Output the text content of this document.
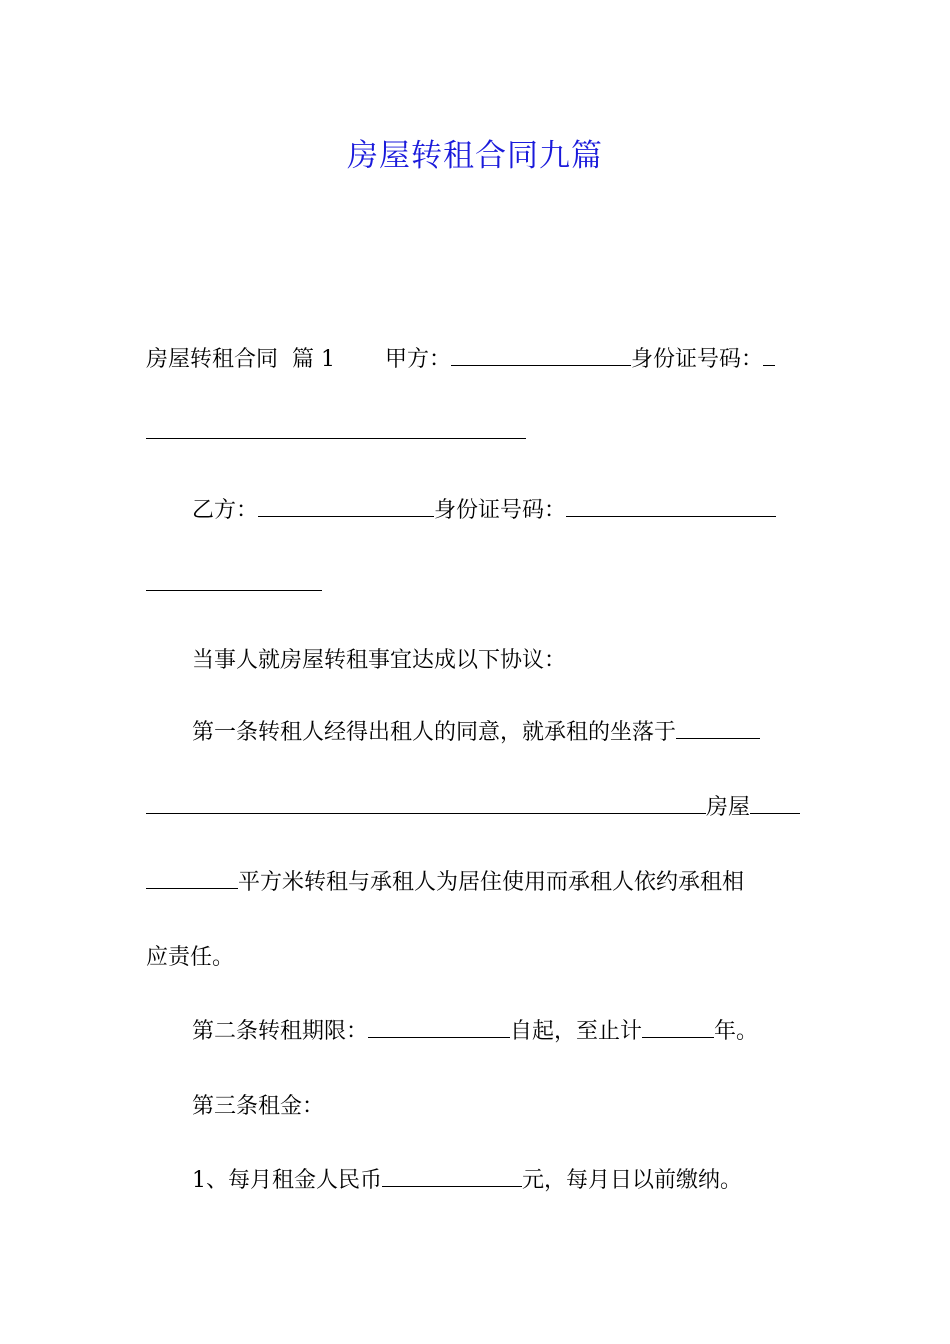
房屋转租合同九篇
房屋转租合同 篇 1 甲方：	身份证号码：
乙方：	身份证号码：
当事人就房屋转租事宜达成以下协议：
第一条转租人经得出租人的同意，就承租的坐落于
房屋
平方米转租与承租人为居住使用而承租人依约承租相
应责任。
第二条转租期限：	自起，至止计	年。
第三条租金：
1、每月租金人民币	元，每月日以前缴纳。
